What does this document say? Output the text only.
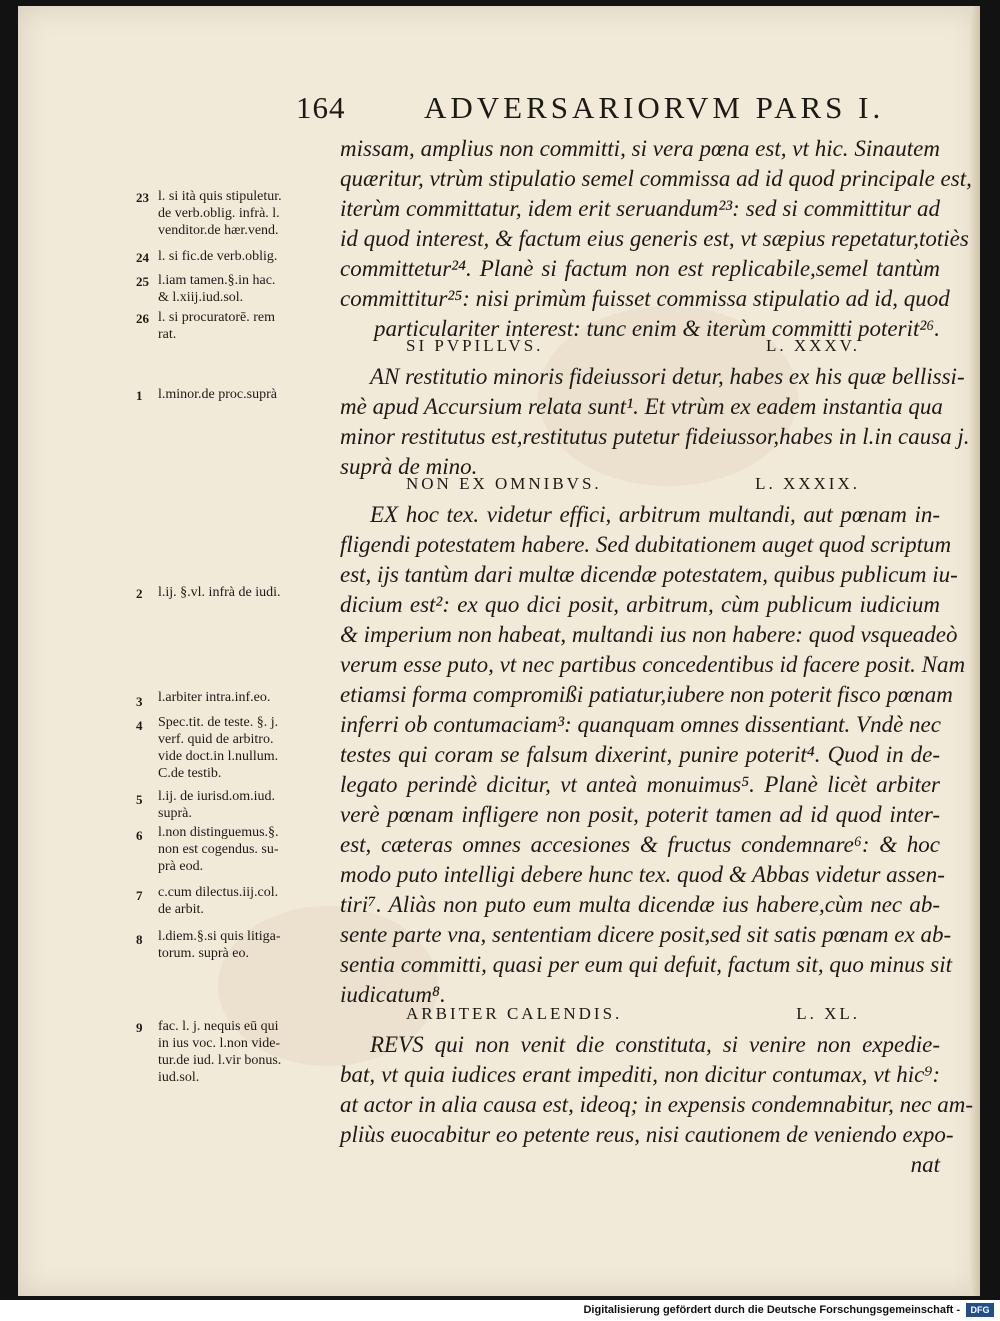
164	ADVERSARIORVM PARS I.
missam, amplius non committi, si vera pœna est, vt hic. Sinautem
quæritur, vtrùm stipulatio semel commissa ad id quod principale est,
iterùm committatur, idem erit seruandum²³: sed si committitur ad
id quod interest, & factum eius generis est, vt sæpius repetatur,totiès
committetur²⁴. Planè si factum non est replicabile,semel tantùm
committitur²⁵: nisi primùm fuisset commissa stipulatio ad id, quod
particulariter interest: tunc enim & iterùm committi poterit²⁶.
SI PVPILLVS.	L. XXXV.
AN restitutio minoris fideiussori detur, habes ex his quæ bellissi-
mè apud Accursium relata sunt¹. Et vtrùm ex eadem instantia qua
minor restitutus est,restitutus putetur fideiussor,habes in l.in causa j.
suprà de mino.
NON EX OMNIBVS.	L. XXXIX.
EX hoc tex. videtur effici, arbitrum multandi, aut pœnam in-
fligendi potestatem habere. Sed dubitationem auget quod scriptum
est, ijs tantùm dari multæ dicendæ potestatem, quibus publicum iu-
dicium est²: ex quo dici posit, arbitrum, cùm publicum iudicium
& imperium non habeat, multandi ius non habere: quod vsqueadeò
verum esse puto, vt nec partibus concedentibus id facere posit. Nam
etiamsi forma compromißi patiatur,iubere non poterit fisco pœnam
inferri ob contumaciam³: quanquam omnes dissentiant. Vndè nec
testes qui coram se falsum dixerint, punire poterit⁴. Quod in de-
legato perindè dicitur, vt anteà monuimus⁵. Planè licèt arbiter
verè pœnam infligere non posit, poterit tamen ad id quod inter-
est, cæteras omnes accesiones & fructus condemnare⁶: & hoc
modo puto intelligi debere hunc tex. quod & Abbas videtur assen-
tiri⁷. Aliàs non puto eum multa dicendæ ius habere,cùm nec ab-
sente parte vna, sententiam dicere posit,sed sit satis pœnam ex ab-
sentia committi, quasi per eum qui defuit, factum sit, quo minus sit
iudicatum⁸.
ARBITER CALENDIS.	L. XL.
REVS qui non venit die constituta, si venire non expedie-
bat, vt quia iudices erant impediti, non dicitur contumax, vt hic⁹:
at actor in alia causa est, ideoq; in expensis condemnabitur, nec am-
pliùs euocabitur eo petente reus, nisi cautionem de veniendo expo-
nat
23 l. si ità quis stipuletur.
de verb.oblig. infrà. l.
venditor.de hær.vend.
24 l. si fic.de verb.oblig.
25 l.iam tamen.§.in hac.
& l.xiij.iud.sol.
26 l. si procuratorē. rem
rat.
1	l.minor.de proc.suprà
2	l.ij. §.vl. infrà de iudi.
3	l.arbiter intra.inf.eo.
4	Spec.tit. de teste. §. j.
verf. quid de arbitro.
vide doct.in l.nullum.
C.de testib.
5	l.ij. de iurisd.om.iud.
suprà.
6	l.non distinguemus.§.
non est cogendus. su-
prà eod.
7	c.cum dilectus.iij.col.
de arbit.
8	l.diem.§.si quis litiga-
torum. suprà eo.
9	fac. l. j. nequis eū qui
in ius voc. l.non vide-
tur.de iud. l.vir bonus.
iud.sol.
Digitalisierung gefördert durch die Deutsche Forschungsgemeinschaft -	DFG
